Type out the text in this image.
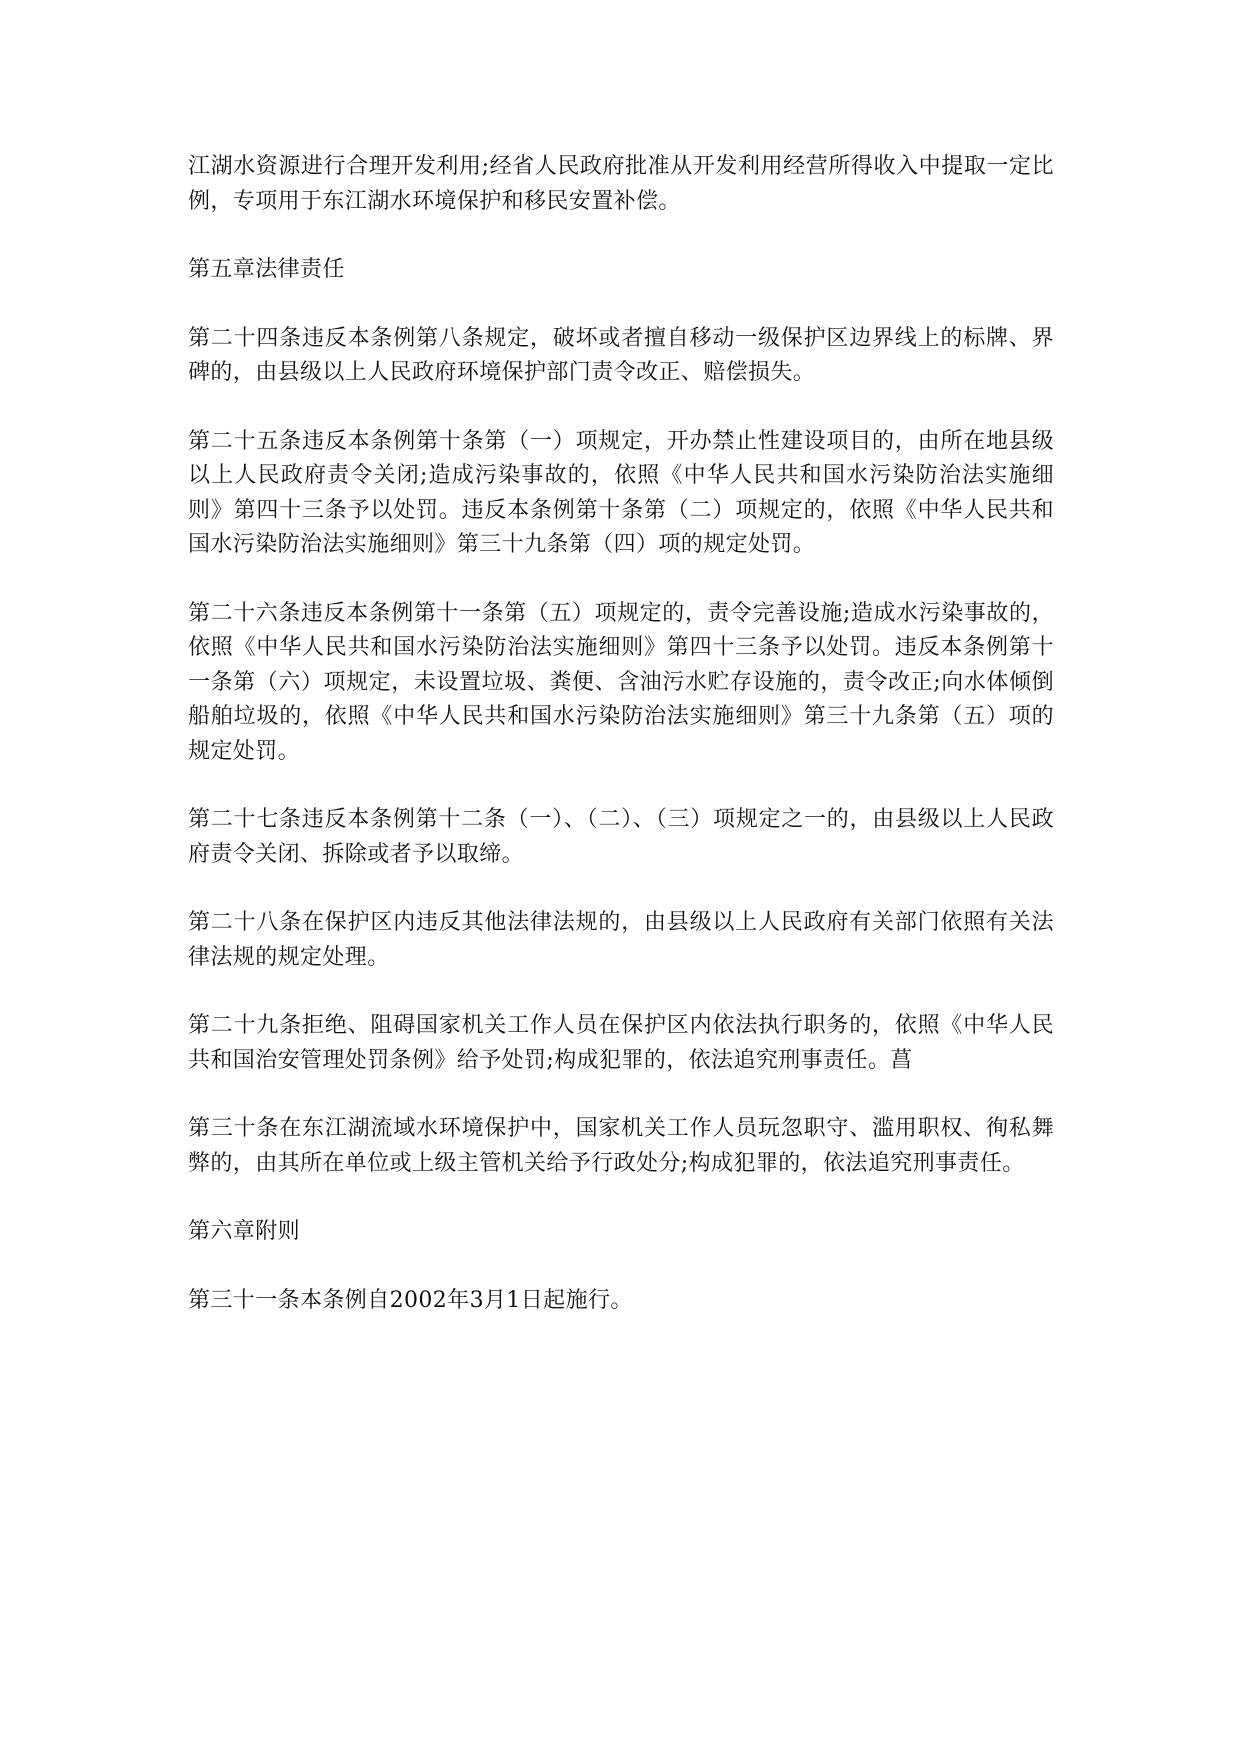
江湖水资源进行合理开发利用;经省人民政府批准从开发利用经营所得收入中提取一定比例，专项用于东江湖水环境保护和移民安置补偿。

第五章法律责任

第二十四条违反本条例第八条规定，破坏或者擅自移动一级保护区边界线上的标牌、界碑的，由县级以上人民政府环境保护部门责令改正、赔偿损失。

第二十五条违反本条例第十条第（一）项规定，开办禁止性建设项目的，由所在地县级以上人民政府责令关闭;造成污染事故的，依照《中华人民共和国水污染防治法实施细则》第四十三条予以处罚。违反本条例第十条第（二）项规定的，依照《中华人民共和国水污染防治法实施细则》第三十九条第（四）项的规定处罚。

第二十六条违反本条例第十一条第（五）项规定的，责令完善设施;造成水污染事故的，依照《中华人民共和国水污染防治法实施细则》第四十三条予以处罚。违反本条例第十一条第（六）项规定，未设置垃圾、粪便、含油污水贮存设施的，责令改正;向水体倾倒船舶垃圾的，依照《中华人民共和国水污染防治法实施细则》第三十九条第（五）项的规定处罚。

第二十七条违反本条例第十二条（一）、（二）、（三）项规定之一的，由县级以上人民政府责令关闭、拆除或者予以取缔。

第二十八条在保护区内违反其他法律法规的，由县级以上人民政府有关部门依照有关法律法规的规定处理。

第二十九条拒绝、阻碍国家机关工作人员在保护区内依法执行职务的，依照《中华人民共和国治安管理处罚条例》给予处罚;构成犯罪的，依法追究刑事责任。菖

第三十条在东江湖流域水环境保护中，国家机关工作人员玩忽职守、滥用职权、徇私舞弊的，由其所在单位或上级主管机关给予行政处分;构成犯罪的，依法追究刑事责任。

第六章附则

第三十一条本条例自2002年3月1日起施行。
